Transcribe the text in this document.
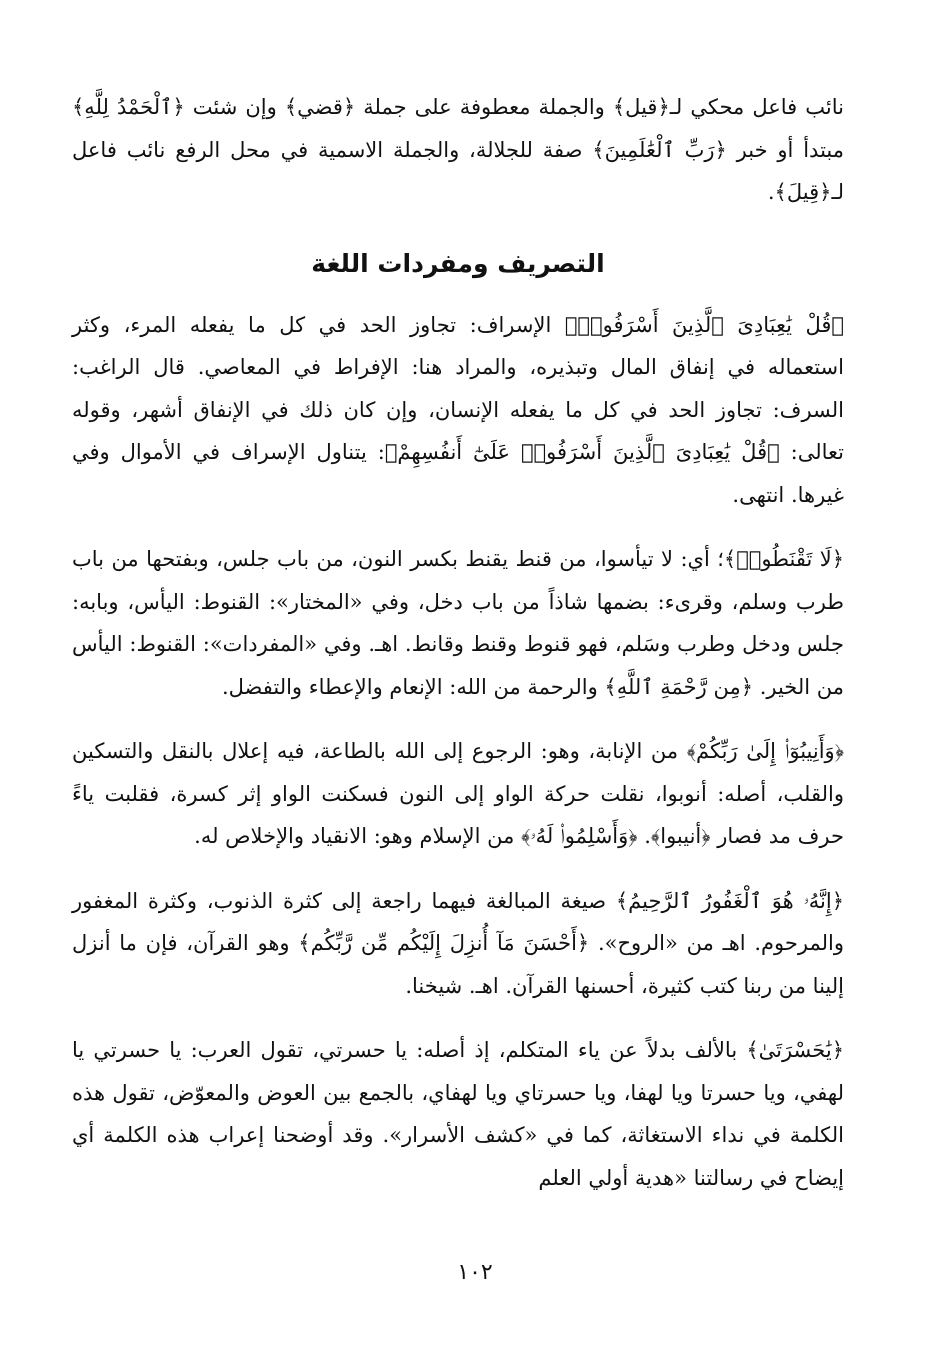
نائب فاعل محكي لـ﴿قيل﴾ والجملة معطوفة على جملة ﴿قضي﴾ وإن شئت ﴿ٱلْحَمْدُ لِلَّهِ﴾ مبتدأ أو خبر ﴿رَبِّ ٱلْعَٰلَمِينَ﴾ صفة للجلالة، والجملة الاسمية في محل الرفع نائب فاعل لـ﴿قِيلَ﴾.

التصريف ومفردات اللغة

﴿قُلْ يَٰعِبَادِىَ ٱلَّذِينَ أَسْرَفُوا۟﴾ الإسراف: تجاوز الحد في كل ما يفعله المرء، وكثر استعماله في إنفاق المال وتبذيره، والمراد هنا: الإفراط في المعاصي. قال الراغب: السرف: تجاوز الحد في كل ما يفعله الإنسان، وإن كان ذلك في الإنفاق أشهر، وقوله تعالى: ﴿قُلْ يَٰعِبَادِىَ ٱلَّذِينَ أَسْرَفُوا۟ عَلَىٰٓ أَنفُسِهِمْ﴾: يتناول الإسراف في الأموال وفي غيرها. انتهى.

﴿لَا تَقْنَطُوا۟﴾؛ أي: لا تيأسوا، من قنط يقنط بكسر النون، من باب جلس، وبفتحها من باب طرب وسلم، وقرىء: بضمها شاذاً من باب دخل، وفي «المختار»: القنوط: اليأس، وبابه: جلس ودخل وطرب وسَلم، فهو قنوط وقنط وقانط. اهـ. وفي «المفردات»: القنوط: اليأس من الخير. ﴿مِن رَّحْمَةِ ٱللَّهِ﴾ والرحمة من الله: الإنعام والإعطاء والتفضل.

﴿وَأَنِيبُوٓا۟ إِلَىٰ رَبِّكُمْ﴾ من الإنابة، وهو: الرجوع إلى الله بالطاعة، فيه إعلال بالنقل والتسكين والقلب، أصله: أنوبوا، نقلت حركة الواو إلى النون فسكنت الواو إثر كسرة، فقلبت ياءً حرف مد فصار ﴿أنيبوا﴾. ﴿وَأَسْلِمُوا۟ لَهُۥ﴾ من الإسلام وهو: الانقياد والإخلاص له.

﴿إِنَّهُۥ هُوَ ٱلْغَفُورُ ٱلرَّحِيمُ﴾ صيغة المبالغة فيهما راجعة إلى كثرة الذنوب، وكثرة المغفور والمرحوم. اهـ من «الروح». ﴿أَحْسَنَ مَآ أُنزِلَ إِلَيْكُم مِّن رَّبِّكُم﴾ وهو القرآن، فإن ما أنزل إلينا من ربنا كتب كثيرة، أحسنها القرآن. اهـ. شيخنا.

﴿يَٰحَسْرَتَىٰ﴾ بالألف بدلاً عن ياء المتكلم، إذ أصله: يا حسرتي، تقول العرب: يا حسرتي يا لهفي، ويا حسرتا ويا لهفا، ويا حسرتاي ويا لهفاي، بالجمع بين العوض والمعوّض، تقول هذه الكلمة في نداء الاستغاثة، كما في «كشف الأسرار». وقد أوضحنا إعراب هذه الكلمة أي إيضاح في رسالتنا «هدية أولي العلم

١٠٢
